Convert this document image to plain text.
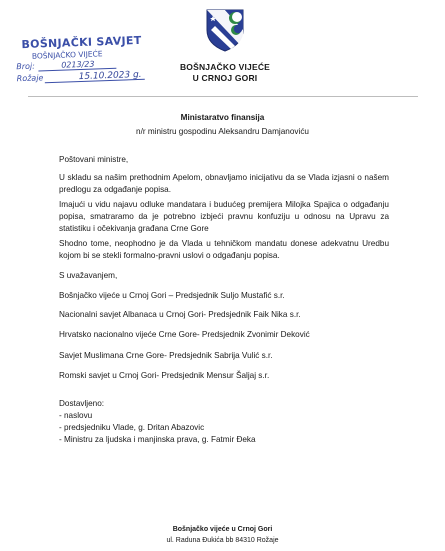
BOŠNJAČKI SAVJET
BOŠNJAČKO VIJEĆE
Broj:	0213/23
Rožaje	15.10.2023 g.
BOŠNJAČKO VIJEĆE
U CRNOJ GORI
Ministaratvo finansija
n/r ministru gospodinu Aleksandru Damjanoviću
Poštovani ministre,
U skladu sa našim prethodnim Apelom, obnavljamo inicijativu da se Vlada izjasni o našem predlogu za odgađanje popisa.
Imajući u vidu najavu odluke mandatara i budućeg premijera Milojka Spajica o odgađanju popisa, smatraramo da je potrebno izbjeći pravnu konfuziju u odnosu na Upravu za statistiku i očekivanja građana Crne Gore
Shodno tome, neophodno je da Vlada u tehničkom mandatu donese adekvatnu Uredbu kojom bi se stekli formalno-pravni uslovi o odgađanju popisa.
S uvažavanjem,
Bošnjačko vijeće u Crnoj Gori – Predsjednik Suljo Mustafić s.r.
Nacionalni savjet Albanaca u Crnoj Gori- Predsjednik Faik Nika s.r.
Hrvatsko nacionalno vijeće Crne Gore- Predsjednik Zvonimir Deković
Savjet Muslimana Crne Gore- Predsjednik Sabrija Vulić s.r.
Romski savjet u Crnoj Gori- Predsjednik Mensur Šaljaj s.r.
Dostavljeno:
- naslovu
- predsjedniku Vlade, g. Dritan Abazovic
- Ministru za ljudska i manjinska prava, g. Fatmir Đeka
Bošnjačko vijeće u Crnoj Gori
ul. Raduna Đukića bb 84310 Rožaje
